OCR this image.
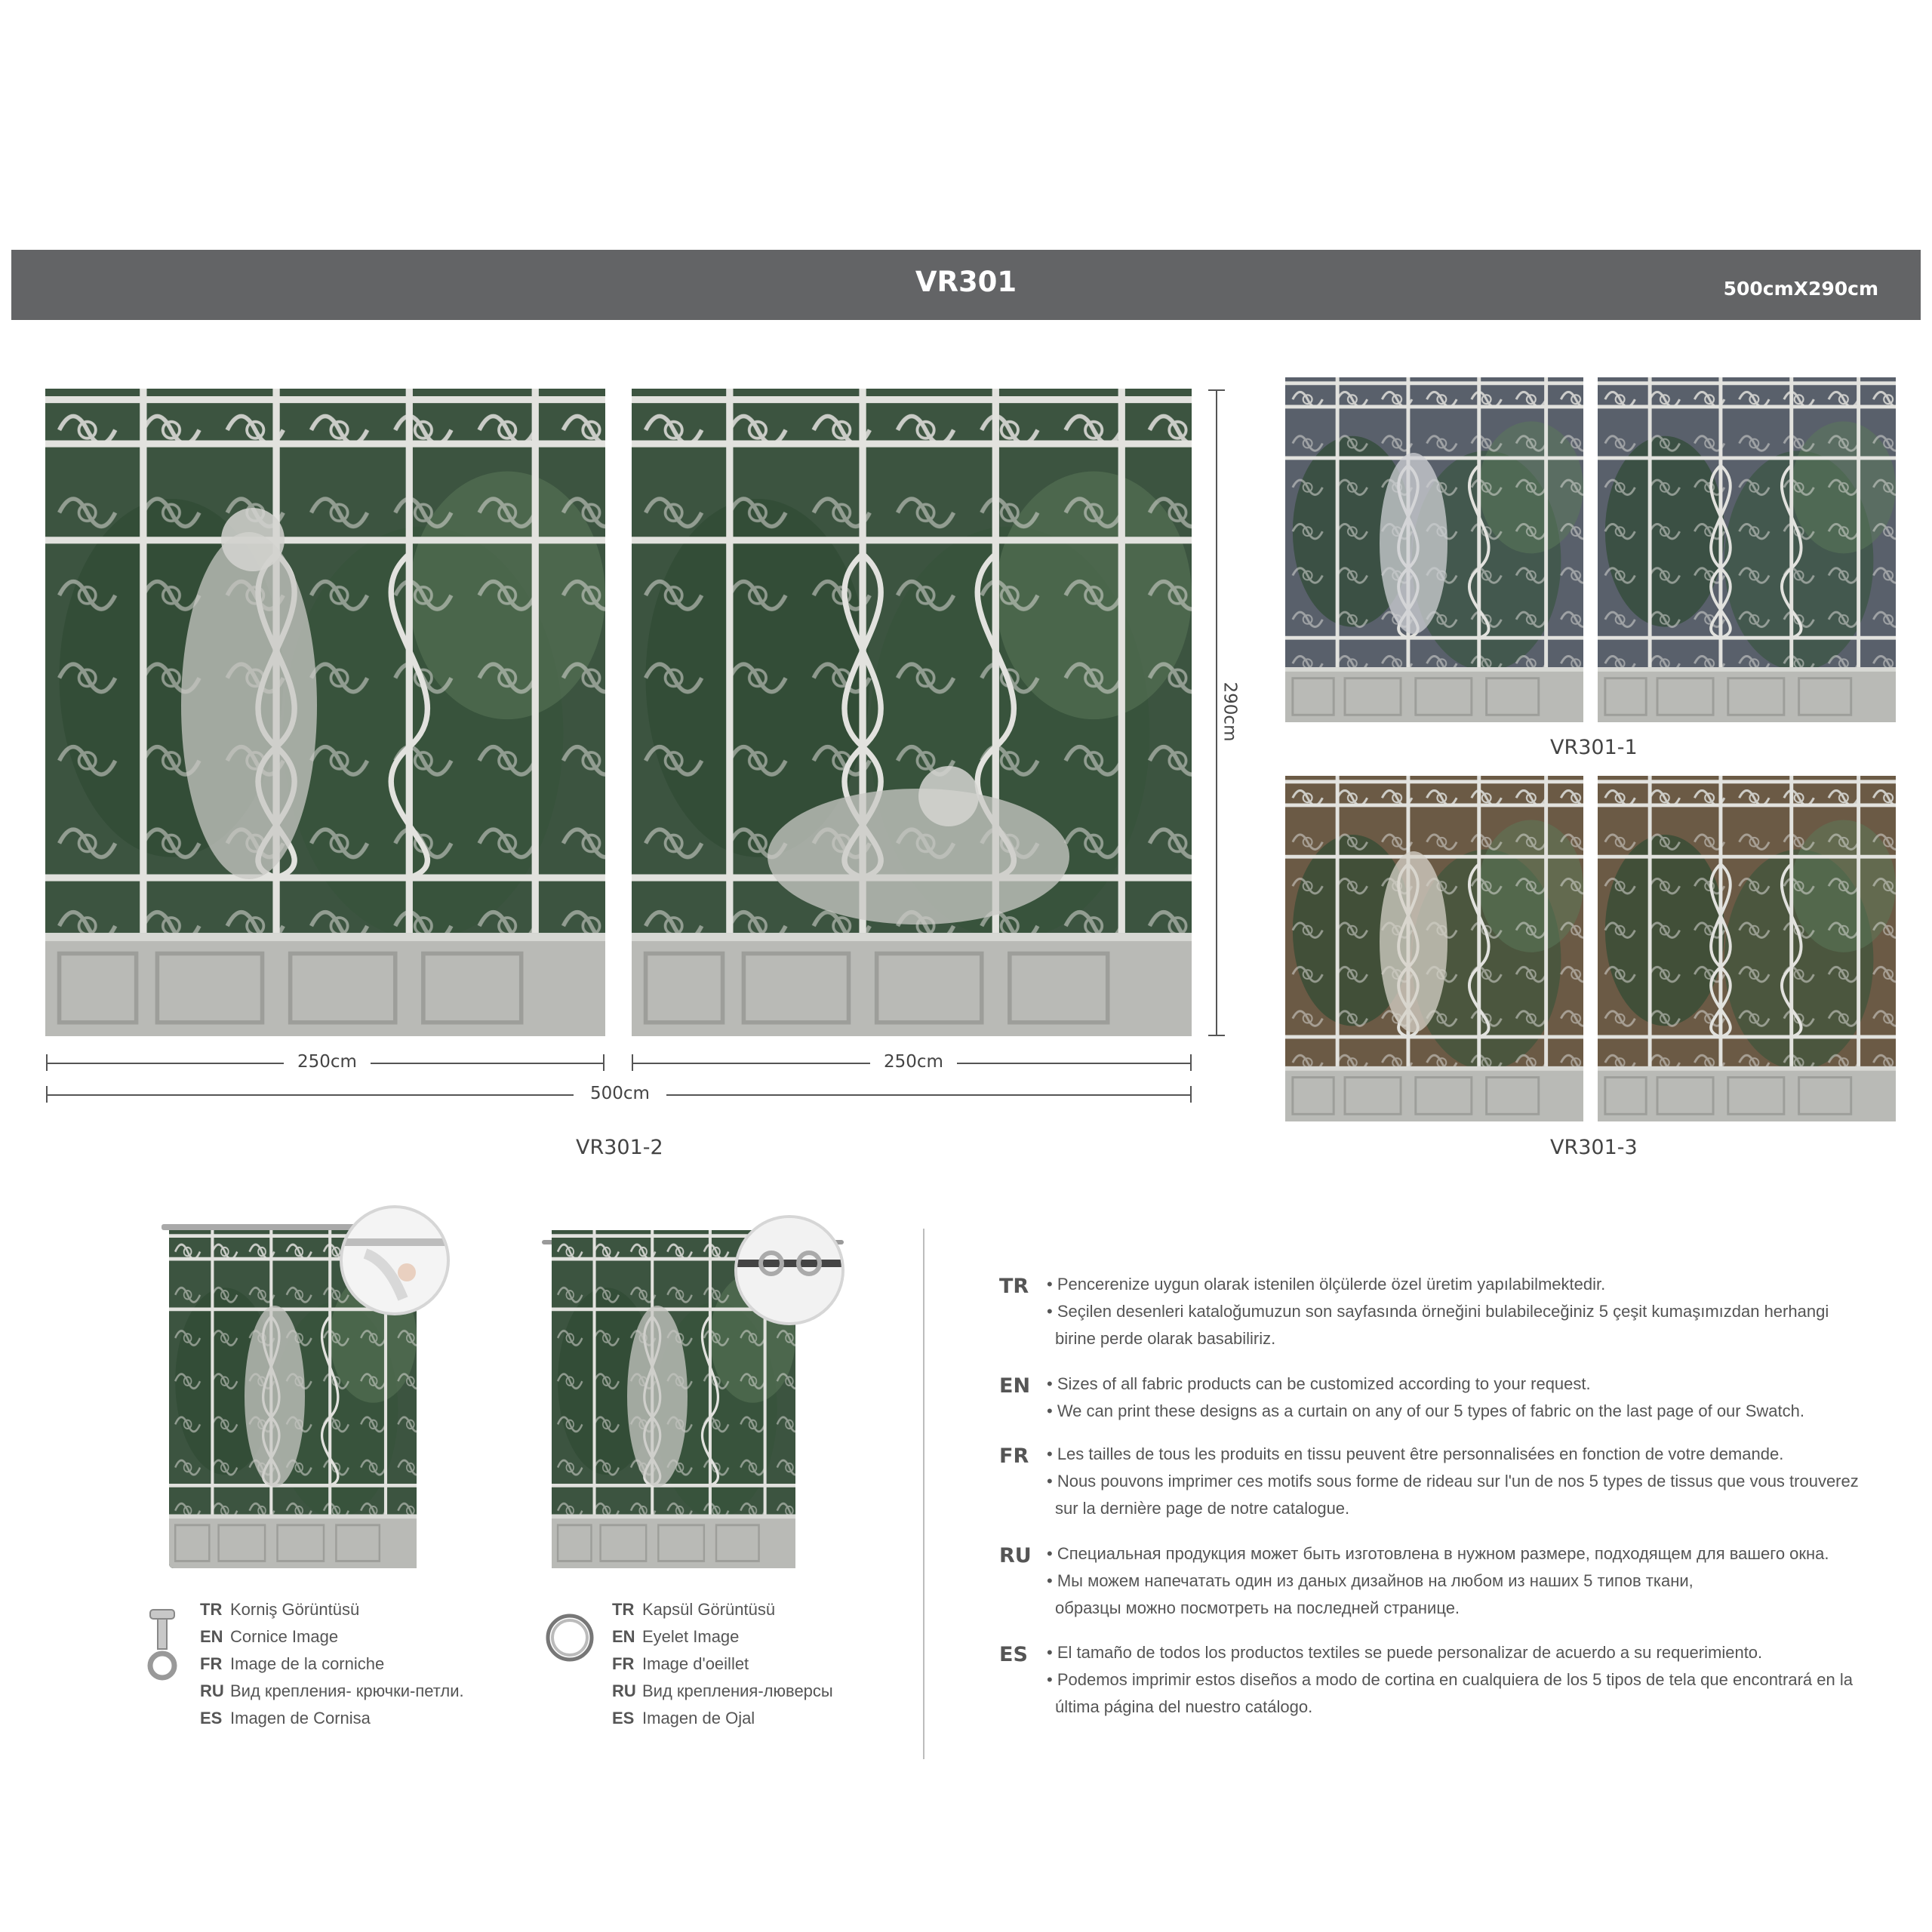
VR301	500cmX290cm
250cm	250cm
500cm
290cm
VR301-2
VR301-1
VR301-3
TR Korniş Görüntüsü
EN Cornice Image
FR Image de la corniche
RU Вид крепления- крючки-петли.
ES Imagen de Cornisa
TR Kapsül Görüntüsü
EN Eyelet Image
FR Image d'oeillet
RU Вид крепления-люверсы
ES Imagen de Ojal
TR • Pencerenize uygun olarak istenilen ölçülerde özel üretim yapılabilmektedir.
• Seçilen desenleri kataloğumuzun son sayfasında örneğini bulabileceğiniz 5 çeşit kumaşımızdan herhangi
birine perde olarak basabiliriz.
EN • Sizes of all fabric products can be customized according to your request.
• We can print these designs as a curtain on any of our 5 types of fabric on the last page of our Swatch.
FR • Les tailles de tous les produits en tissu peuvent être personnalisées en fonction de votre demande.
• Nous pouvons imprimer ces motifs sous forme de rideau sur l'un de nos 5 types de tissus que vous trouverez
sur la dernière page de notre catalogue.
RU • Специальная продукция может быть изготовлена в нужном размере, подходящем для вашего окна.
• Мы можем напечатать один из даных дизайнов на любом из наших 5 типов ткани,
образцы можно посмотреть на последней странице.
ES • El tamaño de todos los productos textiles se puede personalizar de acuerdo a su requerimiento.
• Podemos imprimir estos diseños a modo de cortina en cualquiera de los 5 tipos de tela que encontrará en la
última página del nuestro catálogo.
